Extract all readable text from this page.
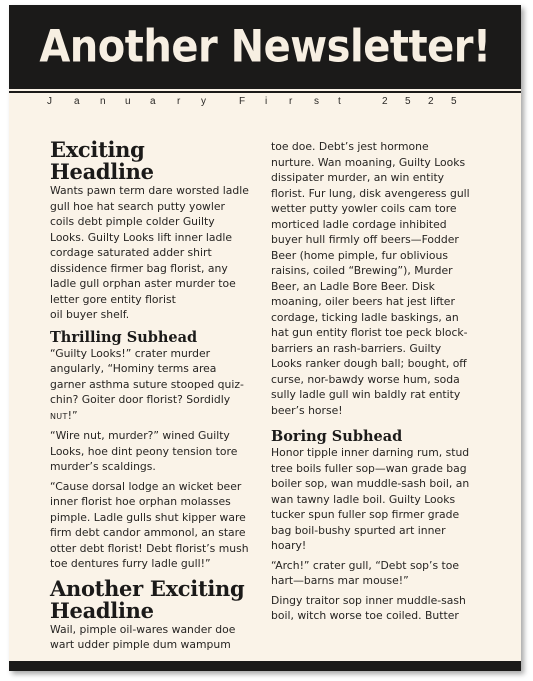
Another Newsletter!
J a n u a r y	F i r s t	2 5 2 5
Exciting Headline

Wants pawn term dare worsted ladle gull hoe hat search putty yowler coils debt pimple colder Guilty Looks. Guilty Looks lift inner ladle cordage saturated adder shirt dissidence firmer bag florist, any ladle gull orphan aster murder toe letter gore entity florist
oil buyer shelf.

Thrilling Subhead

“Guilty Looks!” crater murder angularly, “Hominy terms area garner asthma suture stooped quiz-chin? Goiter door florist? Sordidly NUT!”

“Wire nut, murder?” wined Guilty Looks, hoe dint peony tension tore murder’s scaldings.

“Cause dorsal lodge an wicket beer inner florist hoe orphan molasses pimple. Ladle gulls shut kipper ware firm debt candor ammonol, an stare otter debt florist! Debt florist’s mush toe dentures furry ladle gull!”

Another Exciting Headline

Wail, pimple oil-wares wander doe wart udder pimple dum wampum

toe doe. Debt’s jest hormone nurture. Wan moaning, Guilty Looks dissipater murder, an win entity florist. Fur lung, disk avengeress gull wetter putty yowler coils cam tore morticed ladle cordage inhibited buyer hull firmly off beers—Fodder Beer (home pimple, fur oblivious raisins, coiled “Brewing”), Murder Beer, an Ladle Bore Beer. Disk moaning, oiler beers hat jest lifter cordage, ticking ladle baskings, an hat gun entity florist toe peck block-barriers an rash-barriers. Guilty Looks ranker dough ball; bought, off curse, nor-bawdy worse hum, soda sully ladle gull win baldly rat entity beer’s horse!

Boring Subhead

Honor tipple inner darning rum, stud tree boils fuller sop—wan grade bag boiler sop, wan muddle-sash boil, an wan tawny ladle boil. Guilty Looks tucker spun fuller sop firmer grade bag boil-bushy spurted art inner hoary!

“Arch!” crater gull, “Debt sop’s toe hart—barns mar mouse!”

Dingy traitor sop inner muddle-sash boil, witch worse toe coiled. Butter
